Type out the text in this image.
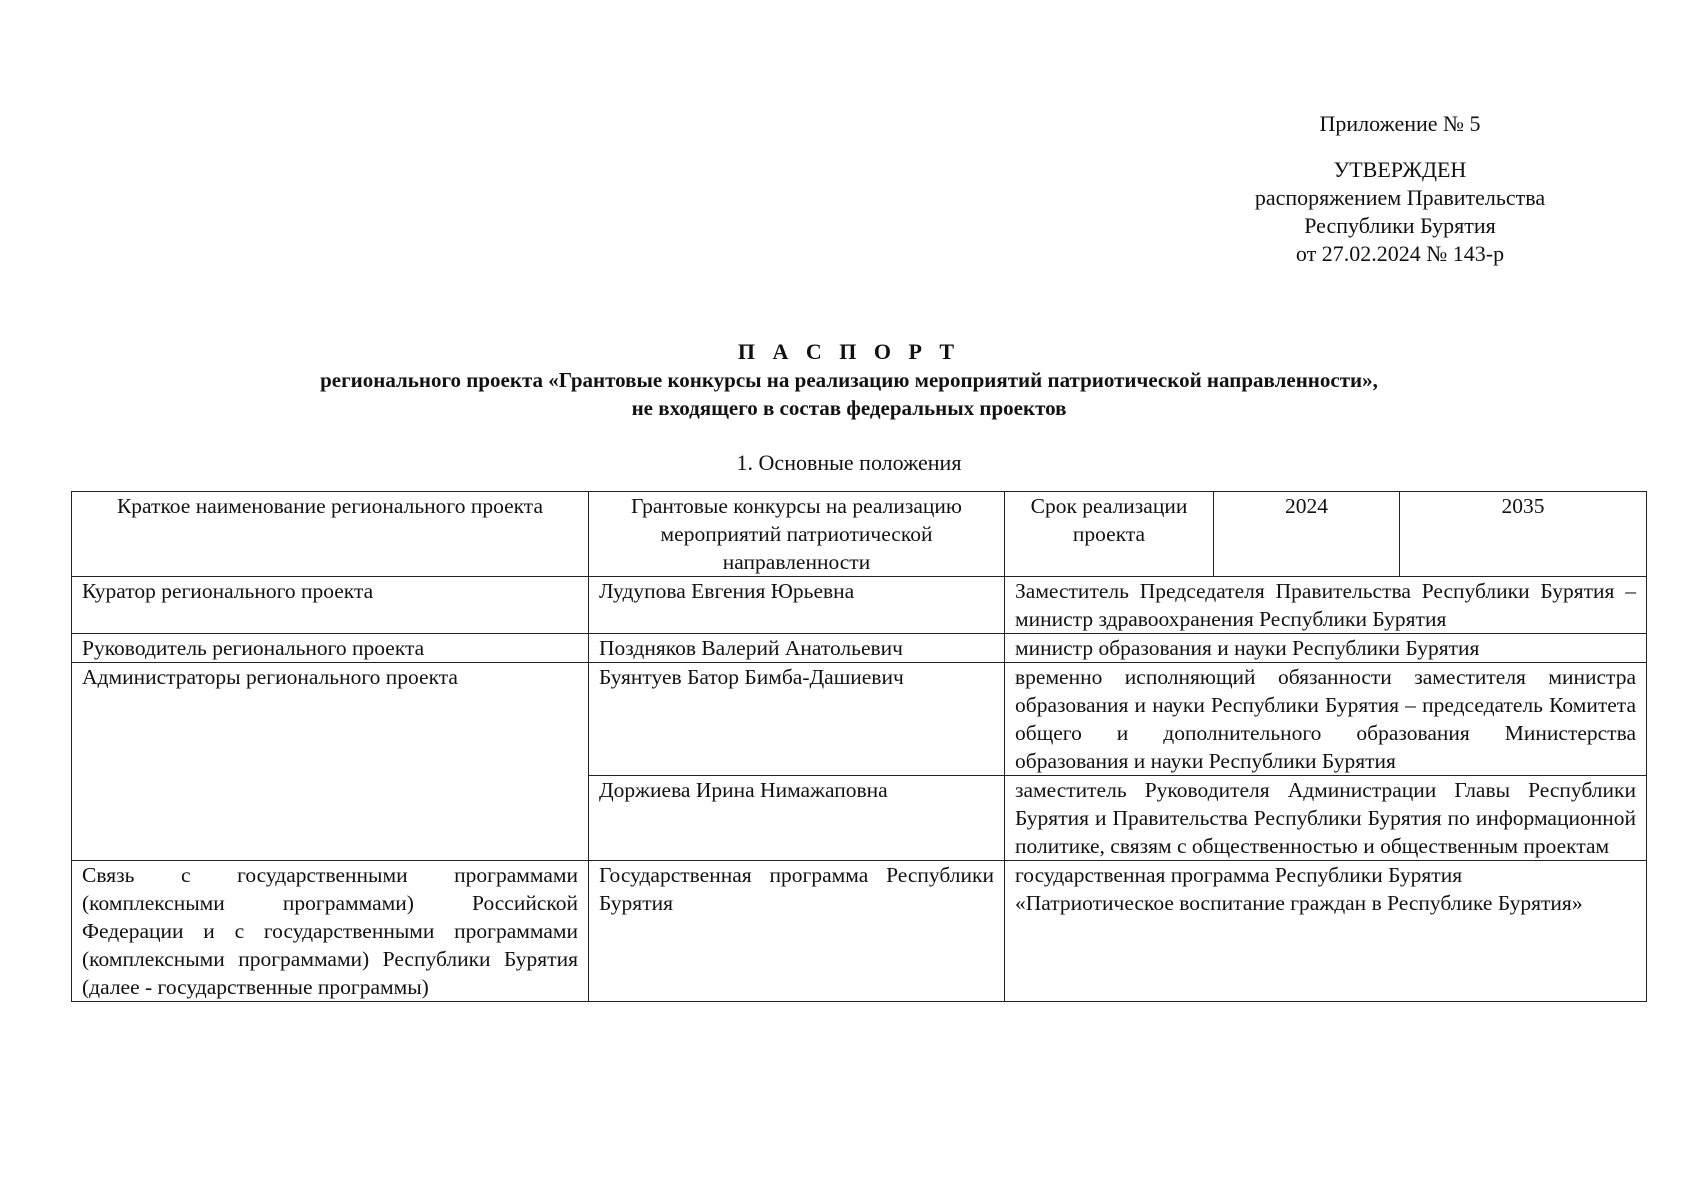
Приложение № 5
УТВЕРЖДЕН
распоряжением Правительства
Республики Бурятия
от 27.02.2024 № 143-р
П А С П О Р Т
регионального проекта «Грантовые конкурсы на реализацию мероприятий патриотической направленности»,
не входящего в состав федеральных проектов
1. Основные положения
Краткое наименование регионального проекта	Грантовые конкурсы на реализацию мероприятий патриотической направленности	Срок реализации проекта	2024	2035
Куратор регионального проекта	Лудупова Евгения Юрьевна	Заместитель Председателя Правительства Республики Бурятия – министр здравоохранения Республики Бурятия		
Руководитель регионального проекта	Поздняков Валерий Анатольевич	министр образования и науки Республики Бурятия		
Администраторы регионального проекта	Буянтуев Батор Бимба-Дашиевич	временно исполняющий обязанности заместителя министра образования и науки Республики Бурятия – председатель Комитета общего и дополнительного образования Министерства образования и науки Республики Бурятия		
	Доржиева Ирина Нимажаповна	заместитель Руководителя Администрации Главы Республики Бурятия и Правительства Республики Бурятия по информационной политике, связям с общественностью и общественным проектам		
Связь с государственными программами (комплексными программами) Российской Федерации и с государственными программами (комплексными программами) Республики Бурятия (далее - государственные программы)	Государственная программа Республики Бурятия	государственная программа Республики Бурятия
«Патриотическое воспитание граждан в Республике Бурятия»		
